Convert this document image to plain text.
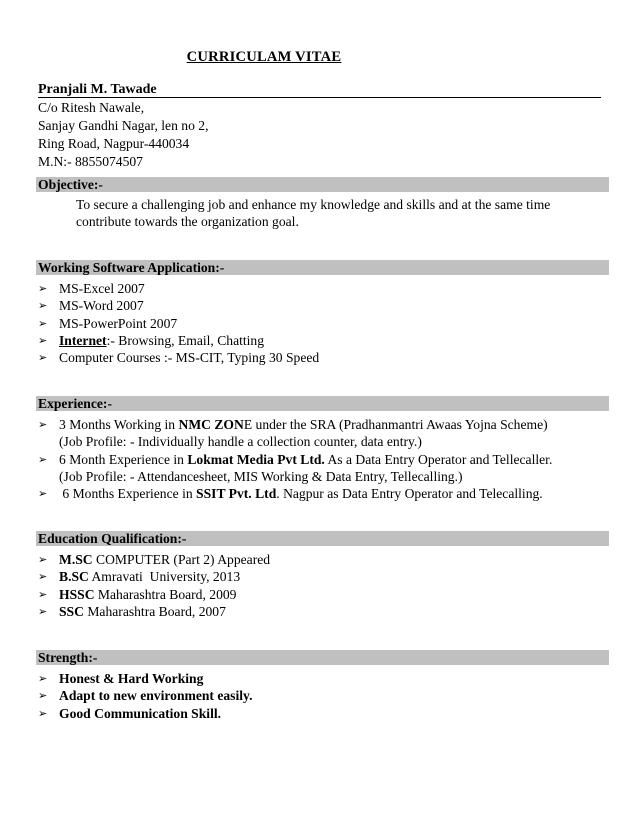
CURRICULAM VITAE
Pranjali M. Tawade
C/o Ritesh Nawale,
Sanjay Gandhi Nagar, len no 2,
Ring Road, Nagpur-440034
M.N:- 8855074507
Objective:-
To secure a challenging job and enhance my knowledge and skills and at the same time
contribute towards the organization goal.
Working Software Application:-
➢ MS-Excel 2007
➢ MS-Word 2007
➢ MS-PowerPoint 2007
➢ Internet:- Browsing, Email, Chatting
➢ Computer Courses :- MS-CIT, Typing 30 Speed
Experience:-
➢ 3 Months Working in NMC ZONE under the SRA (Pradhanmantri Awaas Yojna Scheme)
(Job Profile: - Individually handle a collection counter, data entry.)
➢ 6 Month Experience in Lokmat Media Pvt Ltd. As a Data Entry Operator and Tellecaller.
(Job Profile: - Attendancesheet, MIS Working & Data Entry, Tellecalling.)
➢ 6 Months Experience in SSIT Pvt. Ltd. Nagpur as Data Entry Operator and Telecalling.
Education Qualification:-
➢ M.SC COMPUTER (Part 2) Appeared
➢ B.SC Amravati  University, 2013
➢ HSSC Maharashtra Board, 2009
➢ SSC Maharashtra Board, 2007
Strength:-
➢ Honest & Hard Working
➢ Adapt to new environment easily.
➢ Good Communication Skill.
